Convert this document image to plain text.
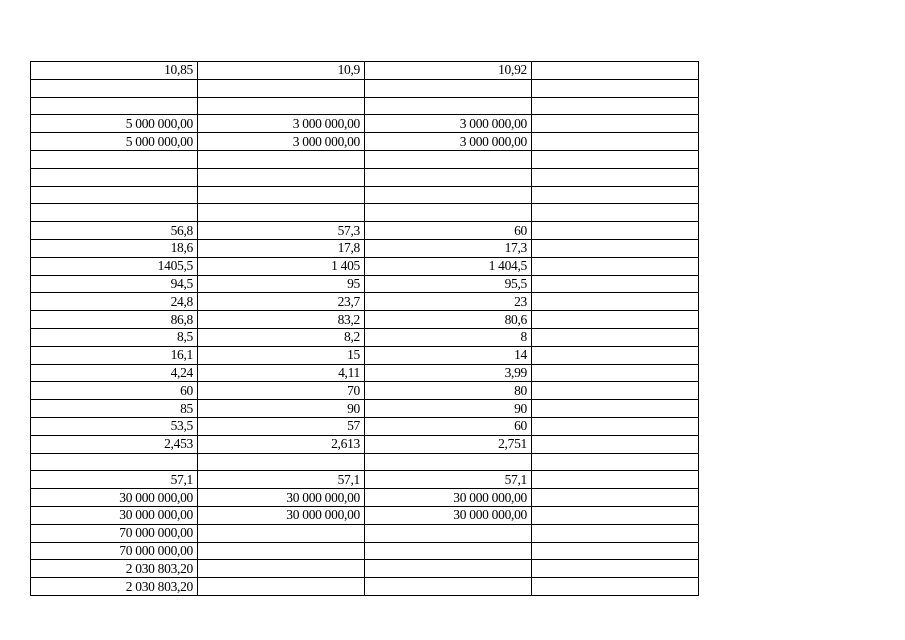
10,85	10,9	10,92	

5 000 000,00	3 000 000,00	3 000 000,00	
5 000 000,00	3 000 000,00	3 000 000,00	

56,8	57,3	60	
18,6	17,8	17,3	
1405,5	1 405	1 404,5	
94,5	95	95,5	
24,8	23,7	23	
86,8	83,2	80,6	
8,5	8,2	8	
16,1	15	14	
4,24	4,11	3,99	
60	70	80	
85	90	90	
53,5	57	60	
2,453	2,613	2,751	

57,1	57,1	57,1	
30 000 000,00	30 000 000,00	30 000 000,00	
30 000 000,00	30 000 000,00	30 000 000,00	
70 000 000,00			
70 000 000,00			
2 030 803,20			
2 030 803,20			
